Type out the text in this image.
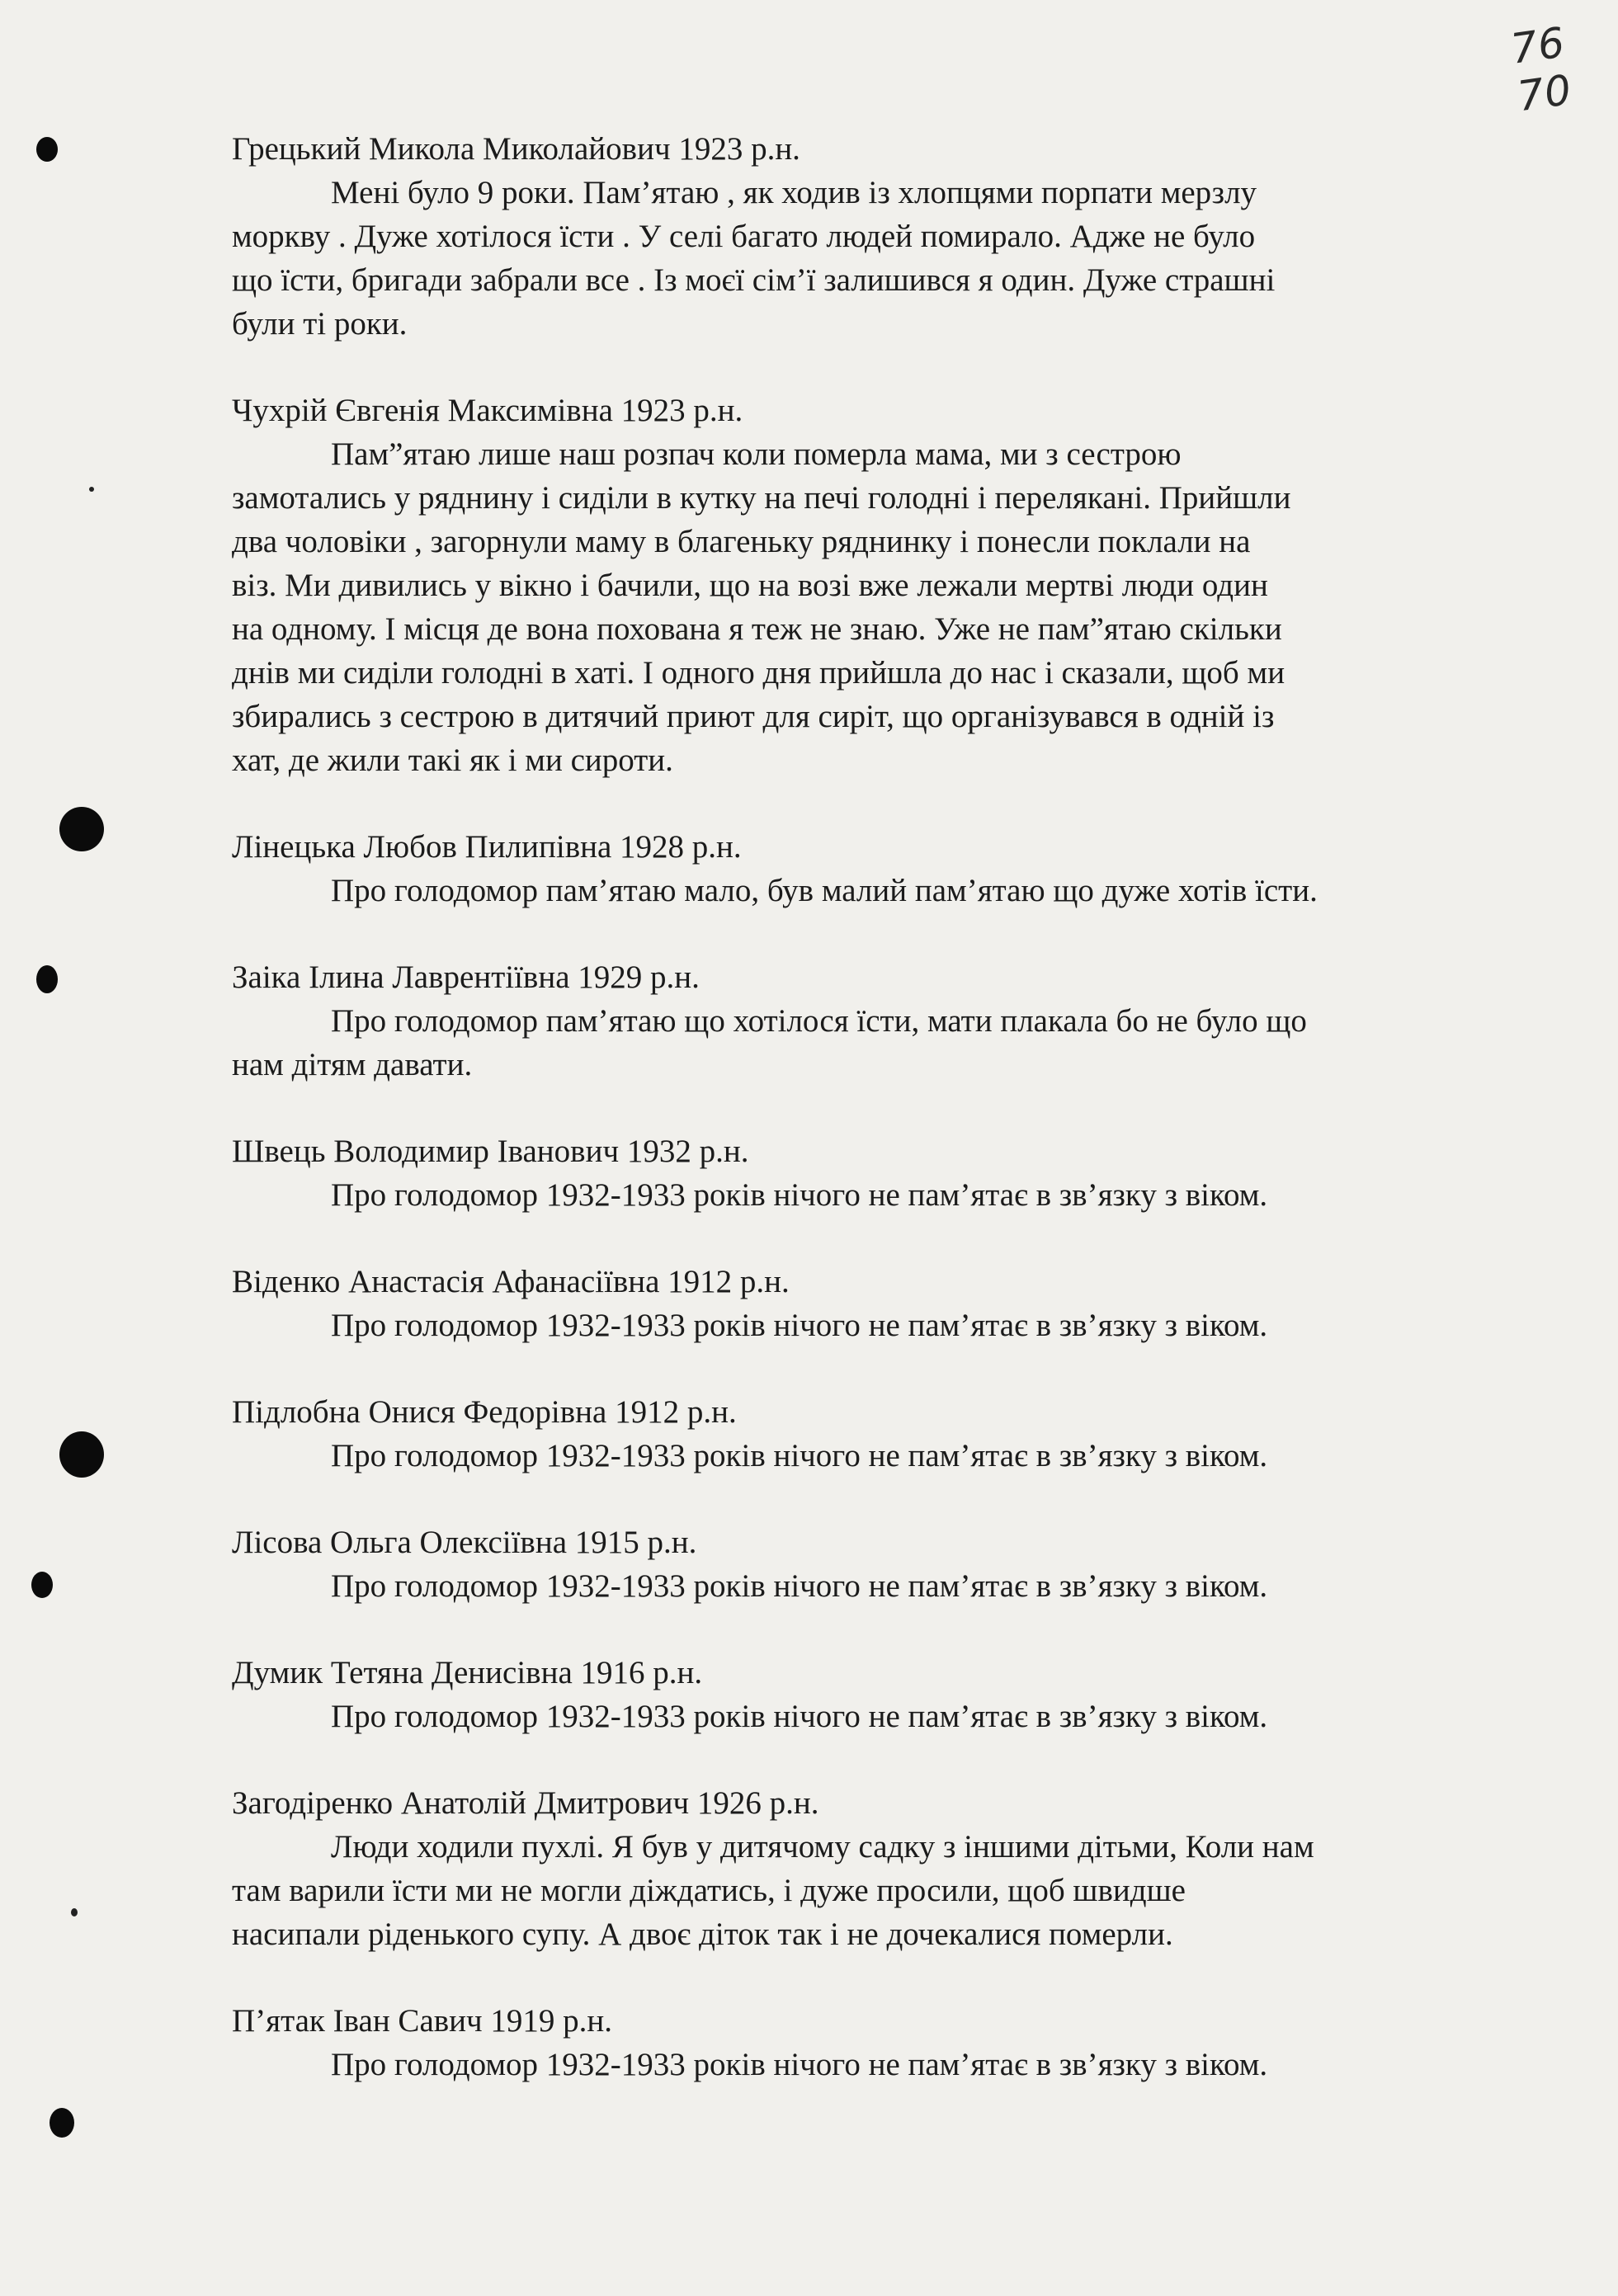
76 70
Грецький Микола Миколайович 1923 р.н.
Мені було 9 роки. Пам’ятаю , як ходив із хлопцями порпати мерзлу
моркву . Дуже хотілося їсти . У селі багато людей помирало. Адже не було
що їсти, бригади забрали все . Із моєї сім’ї залишився я один. Дуже страшні
були ті роки.
Чухрій Євгенія Максимівна 1923 р.н.
Пам”ятаю лише наш розпач коли померла мама, ми з сестрою
замотались у ряднину і сиділи в кутку на печі голодні і перелякані. Прийшли
два чоловіки , загорнули маму в благеньку ряднинку і понесли поклали на
віз. Ми дивились у вікно і бачили, що на возі вже лежали мертві люди один
на одному. І місця де вона похована я теж не знаю. Уже не пам”ятаю скільки
днів ми сиділи голодні в хаті. І одного дня прийшла до нас і сказали, щоб ми
збирались з сестрою в дитячий приют для сиріт, що організувався в одній із
хат, де жили такі як і ми сироти.
Лінецька Любов Пилипівна 1928 р.н.
Про голодомор пам’ятаю мало, був малий пам’ятаю що дуже хотів їсти.
Заіка Ілина Лаврентіївна 1929 р.н.
Про голодомор пам’ятаю що хотілося їсти, мати плакала бо не було що
нам дітям давати.
Швець Володимир Іванович 1932 р.н.
Про голодомор 1932-1933 років нічого не пам’ятає в зв’язку з віком.
Віденко Анастасія Афанасіївна 1912 р.н.
Про голодомор 1932-1933 років нічого не пам’ятає в зв’язку з віком.
Підлобна Онися Федорівна 1912 р.н.
Про голодомор 1932-1933 років нічого не пам’ятає в зв’язку з віком.
Лісова Ольга Олексіївна 1915 р.н.
Про голодомор 1932-1933 років нічого не пам’ятає в зв’язку з віком.
Думик Тетяна Денисівна 1916 р.н.
Про голодомор 1932-1933 років нічого не пам’ятає в зв’язку з віком.
Загодіренко Анатолій Дмитрович 1926 р.н.
Люди ходили пухлі. Я був у дитячому садку з іншими дітьми, Коли нам
там варили їсти ми не могли діждатись, і дуже просили, щоб швидше
насипали ріденького супу. А двоє діток так і не дочекалися померли.
П’ятак Іван Савич 1919 р.н.
Про голодомор 1932-1933 років нічого не пам’ятає в зв’язку з віком.
